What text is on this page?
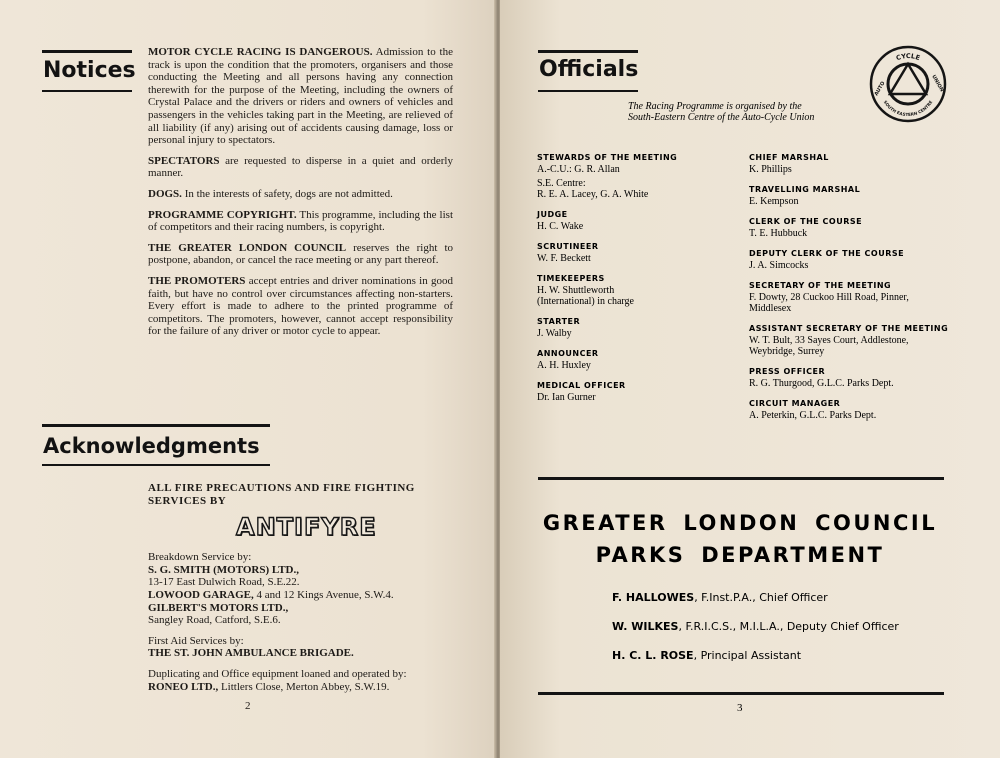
Notices

MOTOR CYCLE RACING IS DANGEROUS. Admission to the track is upon the condition that the promoters, organisers and those conducting the Meeting and all persons having any connection therewith for the purpose of the Meeting, including the owners of Crystal Palace and the drivers or riders and owners of vehicles and passengers in the vehicles taking part in the Meeting, are relieved of all liability (if any) arising out of accidents causing damage, loss or personal injury to spectators.

SPECTATORS are requested to disperse in a quiet and orderly manner.

DOGS. In the interests of safety, dogs are not admitted.

PROGRAMME COPYRIGHT. This programme, including the list of competitors and their racing numbers, is copyright.

THE GREATER LONDON COUNCIL reserves the right to postpone, abandon, or cancel the race meeting or any part thereof.

THE PROMOTERS accept entries and driver nominations in good faith, but have no control over circumstances affecting non-starters. Every effort is made to adhere to the printed programme of competitors. The promoters, however, cannot accept responsibility for the failure of any driver or motor cycle to appear.

Acknowledgments

ALL FIRE PRECAUTIONS AND FIRE FIGHTING SERVICES BY

Breakdown Service by:

S. G. SMITH (MOTORS) LTD.,

13-17 East Dulwich Road, S.E.22.

LOWOOD GARAGE, 4 and 12 Kings Avenue, S.W.4.

GILBERT'S MOTORS LTD.,

Sangley Road, Catford, S.E.6.

First Aid Services by:

THE ST. JOHN AMBULANCE BRIGADE.

Duplicating and Office equipment loaned and operated by:

RONEO LTD., Littlers Close, Merton Abbey, S.W.19.

ANTIFYRE
2
Officials	CYCLE
AUTO	UNION
SOUTH EASTERN CENTRE
The Racing Programme is organised by the
South-Eastern Centre of the Auto-Cycle Union
STEWARDS OF THE MEETING
A.-C.U.: G. R. Allan
S.E. Centre:
R. E. A. Lacey, G. A. White
JUDGE
H. C. Wake
SCRUTINEER
W. F. Beckett
TIMEKEEPERS
H. W. Shuttleworth
(International) in charge
STARTER
J. Walby
ANNOUNCER
A. H. Huxley
MEDICAL OFFICER
Dr. Ian Gurner
CHIEF MARSHAL
K. Phillips
TRAVELLING MARSHAL
E. Kempson
CLERK OF THE COURSE
T. E. Hubbuck
DEPUTY CLERK OF THE COURSE
J. A. Simcocks
SECRETARY OF THE MEETING
F. Dowty, 28 Cuckoo Hill Road, Pinner,
Middlesex
ASSISTANT SECRETARY OF THE MEETING
W. T. Bult, 33 Sayes Court, Addlestone,
Weybridge, Surrey
PRESS OFFICER
R. G. Thurgood, G.L.C. Parks Dept.
CIRCUIT MANAGER
A. Peterkin, G.L.C. Parks Dept.
GREATER LONDON COUNCIL
PARKS DEPARTMENT
F. HALLOWES, F.Inst.P.A., Chief Officer
W. WILKES, F.R.I.C.S., M.I.L.A., Deputy Chief Officer
H. C. L. ROSE, Principal Assistant
3
